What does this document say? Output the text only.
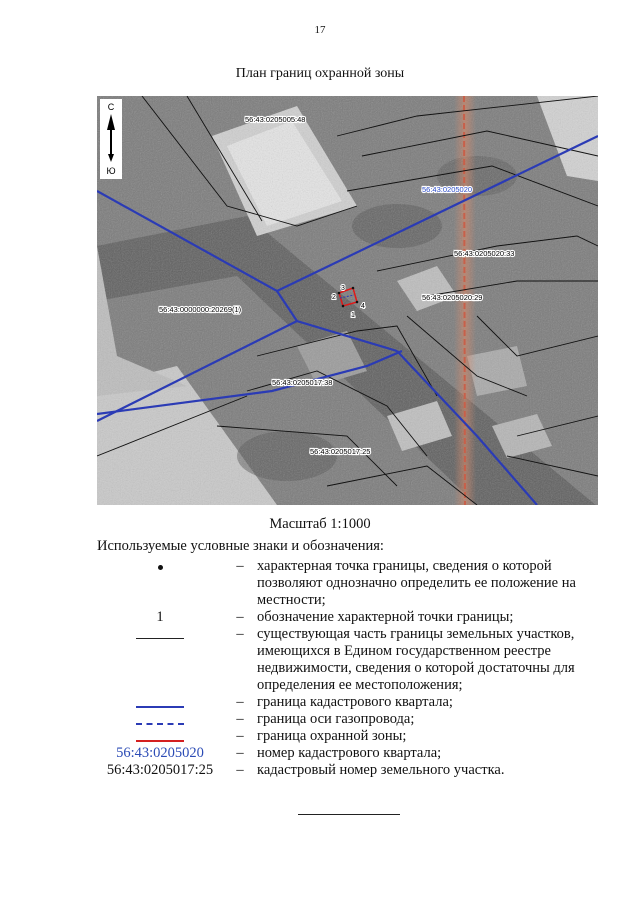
17
План границ охранной зоны
1
2
3
4
56:43:0205005:48
56:43:0205020:33
56:43:0205020:29
56:43:0000000:20269(1)
56:43:0205017:38
56:43:0205017:25
56:43:0205020
С
Ю
Масштаб 1:1000
Используемые условные знаки и обозначения:
– характерная точка границы, сведения о которой
позволяют однозначно определить ее положение на
местности;
1	– обозначение характерной точки границы;
– существующая часть границы земельных участков,
имеющихся в Едином государственном реестре
недвижимости, сведения о которой достаточны для
определения ее местоположения;
– граница кадастрового квартала;
– граница оси газопровода;
– граница охранной зоны;
56:43:0205020	– номер кадастрового квартала;
56:43:0205017:25	– кадастровый номер земельного участка.
